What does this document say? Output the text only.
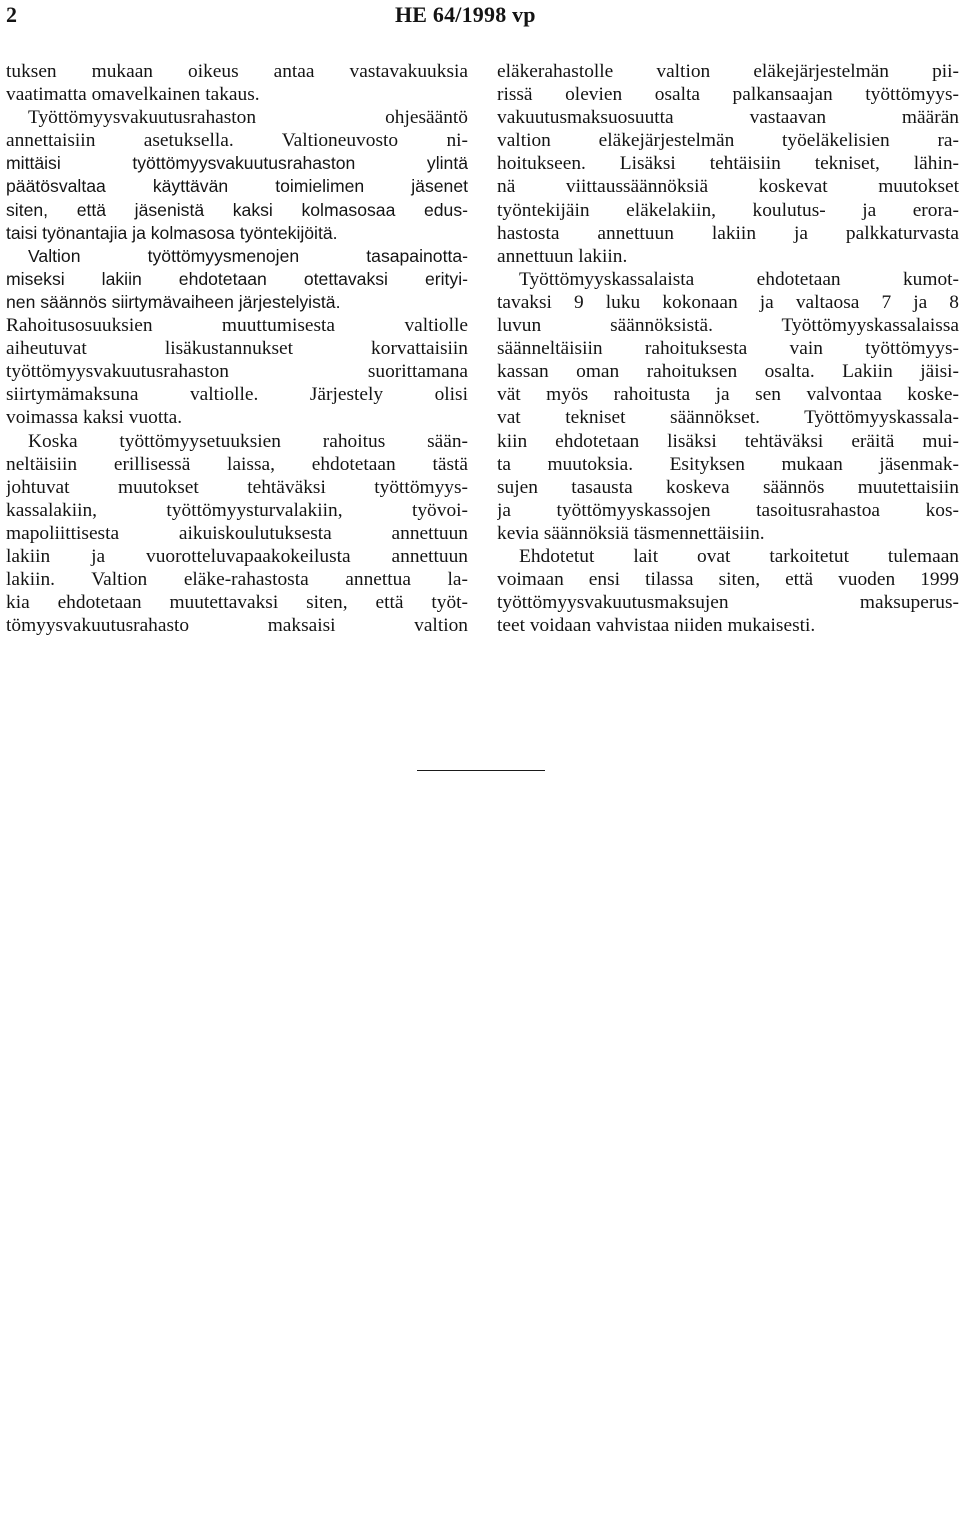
2	HE 64/1998 vp
tuksen mukaan oikeus antaa vastavakuuksia
vaatimatta omavelkainen takaus.
Työttömyysvakuutusrahaston ohjesääntö
annettaisiin asetuksella. Valtioneuvosto ni-
mittäisi työttömyysvakuutusrahaston ylintä
päätösvaltaa käyttävän toimielimen jäsenet
siten, että jäsenistä kaksi kolmasosaa edus-
taisi työnantajia ja kolmasosa työntekijöitä.
Valtion työttömyysmenojen tasapainotta-
miseksi lakiin ehdotetaan otettavaksi erityi-
nen säännös siirtymävaiheen järjestelyistä.
Rahoitusosuuksien muuttumisesta valtiolle
aiheutuvat lisäkustannukset korvattaisiin
työttömyysvakuutusrahaston suorittamana
siirtymämaksuna valtiolle. Järjestely olisi
voimassa kaksi vuotta.
Koska työttömyysetuuksien rahoitus sään-
neltäisiin erillisessä laissa, ehdotetaan tästä
johtuvat muutokset tehtäväksi työttömyys-
kassalakiin, työttömyysturvalakiin, työvoi-
mapoliittisesta aikuiskoulutuksesta annettuun
lakiin ja vuorotteluvapaakokeilusta annettuun
lakiin. Valtion eläke-rahastosta annettua la-
kia ehdotetaan muutettavaksi siten, että työt-
tömyysvakuutusrahasto maksaisi valtion
eläkerahastolle valtion eläkejärjestelmän pii-
rissä olevien osalta palkansaajan työttömyys-
vakuutusmaksuosuutta vastaavan määrän
valtion eläkejärjestelmän työeläkelisien ra-
hoitukseen. Lisäksi tehtäisiin tekniset, lähin-
nä viittaussäännöksiä koskevat muutokset
työntekijäin eläkelakiin, koulutus- ja erora-
hastosta annettuun lakiin ja palkkaturvasta
annettuun lakiin.
Työttömyyskassalaista ehdotetaan kumot-
tavaksi 9 luku kokonaan ja valtaosa 7 ja 8
luvun säännöksistä. Työttömyyskassalaissa
säänneltäisiin rahoituksesta vain työttömyys-
kassan oman rahoituksen osalta. Lakiin jäisi-
vät myös rahoitusta ja sen valvontaa koske-
vat tekniset säännökset. Työttömyyskassala-
kiin ehdotetaan lisäksi tehtäväksi eräitä mui-
ta muutoksia. Esityksen mukaan jäsenmak-
sujen tasausta koskeva säännös muutettaisiin
ja työttömyyskassojen tasoitusrahastoa kos-
kevia säännöksiä täsmennettäisiin.
Ehdotetut lait ovat tarkoitetut tulemaan
voimaan ensi tilassa siten, että vuoden 1999
työttömyysvakuutusmaksujen maksuperus-
teet voidaan vahvistaa niiden mukaisesti.
